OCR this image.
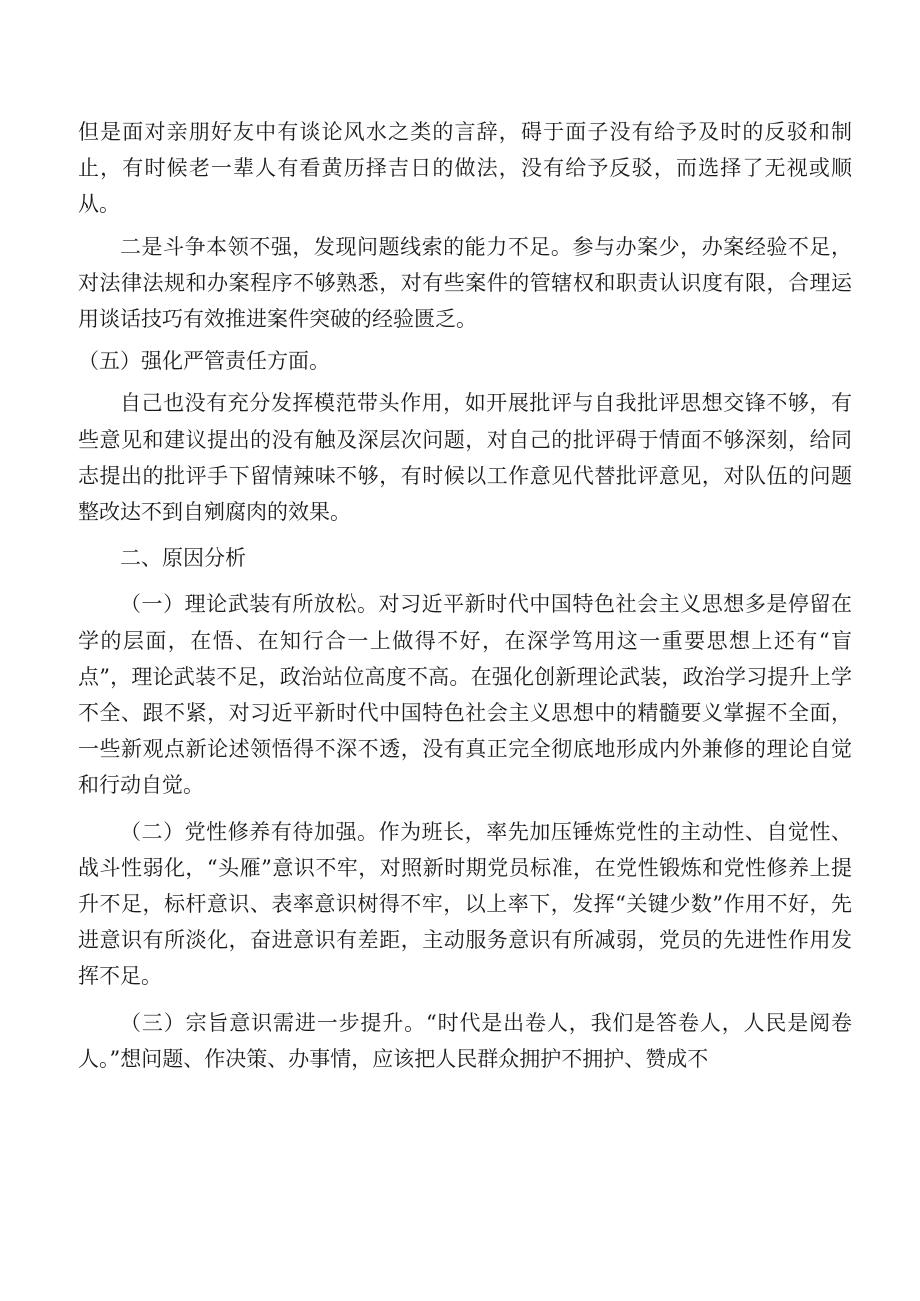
但是面对亲朋好友中有谈论风水之类的言辞，碍于面子没有给予及时的反驳和制止，有时候老一辈人有看黄历择吉日的做法，没有给予反驳，而选择了无视或顺从。

二是斗争本领不强，发现问题线索的能力不足。参与办案少，办案经验不足，对法律法规和办案程序不够熟悉，对有些案件的管辖权和职责认识度有限，合理运用谈话技巧有效推进案件突破的经验匮乏。

（五）强化严管责任方面。

自己也没有充分发挥模范带头作用，如开展批评与自我批评思想交锋不够，有些意见和建议提出的没有触及深层次问题，对自己的批评碍于情面不够深刻，给同志提出的批评手下留情辣味不够，有时候以工作意见代替批评意见，对队伍的问题整改达不到自剜腐肉的效果。

二、原因分析

（一）理论武装有所放松。对习近平新时代中国特色社会主义思想多是停留在学的层面，在悟、在知行合一上做得不好，在深学笃用这一重要思想上还有“盲点”，理论武装不足，政治站位高度不高。在强化创新理论武装，政治学习提升上学不全、跟不紧，对习近平新时代中国特色社会主义思想中的精髓要义掌握不全面，一些新观点新论述领悟得不深不透，没有真正完全彻底地形成内外兼修的理论自觉和行动自觉。

（二）党性修养有待加强。作为班长，率先加压锤炼党性的主动性、自觉性、战斗性弱化，“头雁”意识不牢，对照新时期党员标准，在党性锻炼和党性修养上提升不足，标杆意识、表率意识树得不牢，以上率下，发挥“关键少数”作用不好，先进意识有所淡化，奋进意识有差距，主动服务意识有所减弱，党员的先进性作用发挥不足。

（三）宗旨意识需进一步提升。“时代是出卷人，我们是答卷人，人民是阅卷人。”想问题、作决策、办事情，应该把人民群众拥护不拥护、赞成不
